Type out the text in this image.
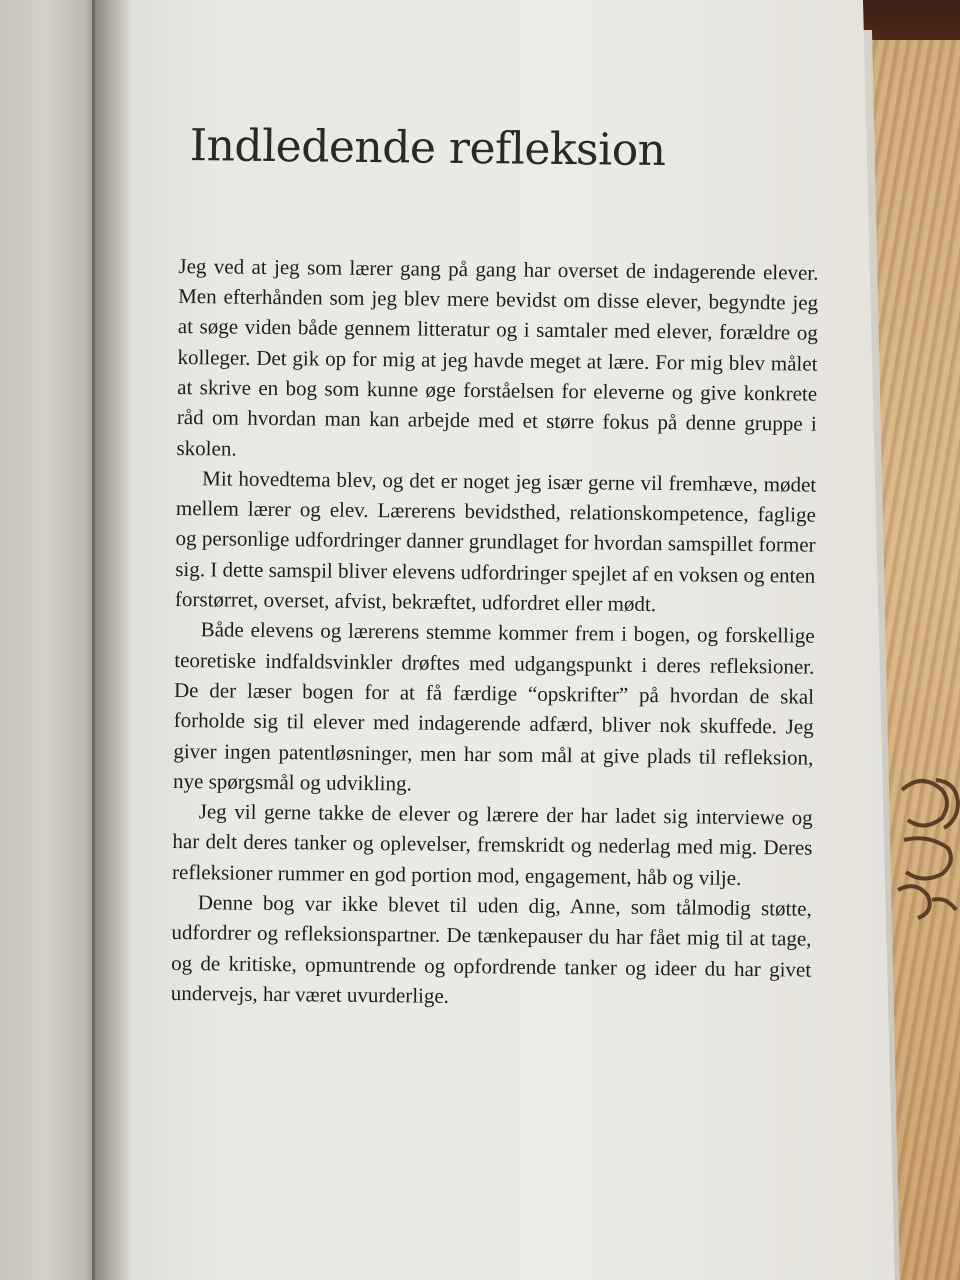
Indledende refleksion

Jeg ved at jeg som lærer gang på gang har overset de indagerende elever. Men efterhånden som jeg blev mere bevidst om disse elever, begyndte jeg at søge viden både gennem litteratur og i samtaler med elever, forældre og kolleger. Det gik op for mig at jeg havde meget at lære. For mig blev målet at skrive en bog som kunne øge forståelsen for eleverne og give konkrete råd om hvordan man kan arbejde med et større fokus på denne gruppe i skolen.

Mit hovedtema blev, og det er noget jeg især gerne vil fremhæve, mødet mellem lærer og elev. Lærerens bevidsthed, relationskompetence, faglige og personlige udfordringer danner grundlaget for hvordan samspillet former sig. I dette samspil bliver elevens udfordringer spejlet af en voksen og enten forstørret, overset, afvist, bekræftet, udfordret eller mødt.

Både elevens og lærerens stemme kommer frem i bogen, og forskellige teoretiske indfaldsvinkler drøftes med udgangspunkt i deres refleksioner. De der læser bogen for at få færdige “opskrifter” på hvordan de skal forholde sig til elever med indagerende adfærd, bliver nok skuffede. Jeg giver ingen patentløsninger, men har som mål at give plads til refleksion, nye spørgsmål og udvikling.

Jeg vil gerne takke de elever og lærere der har ladet sig interviewe og har delt deres tanker og oplevelser, fremskridt og nederlag med mig. Deres refleksioner rummer en god portion mod, engagement, håb og vilje.

Denne bog var ikke blevet til uden dig, Anne, som tålmodig støtte, udfordrer og refleksionspartner. De tænkepauser du har fået mig til at tage, og de kritiske, opmuntrende og opfordrende tanker og ideer du har givet undervejs, har været uvurderlige.
